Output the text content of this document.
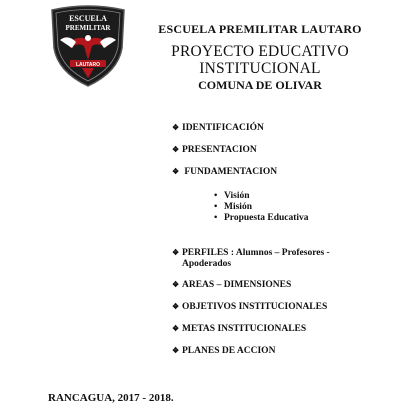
ESCUELA
PREMILITAR
LAUTARO
ESCUELA PREMILITAR LAUTARO
PROYECTO EDUCATIVO
INSTITUCIONAL
COMUNA DE OLIVAR
❖ IDENTIFICACIÓN
❖ PRESENTACION
❖ FUNDAMENTACION
❖ PERFILES : Alumnos – Profesores -
Apoderados
❖ AREAS – DIMENSIONES
❖ OBJETIVOS INSTITUCIONALES
❖ METAS INSTITUCIONALES
❖ PLANES DE ACCION
• Visión
• Misión
• Propuesta Educativa
RANCAGUA, 2017 - 2018.
